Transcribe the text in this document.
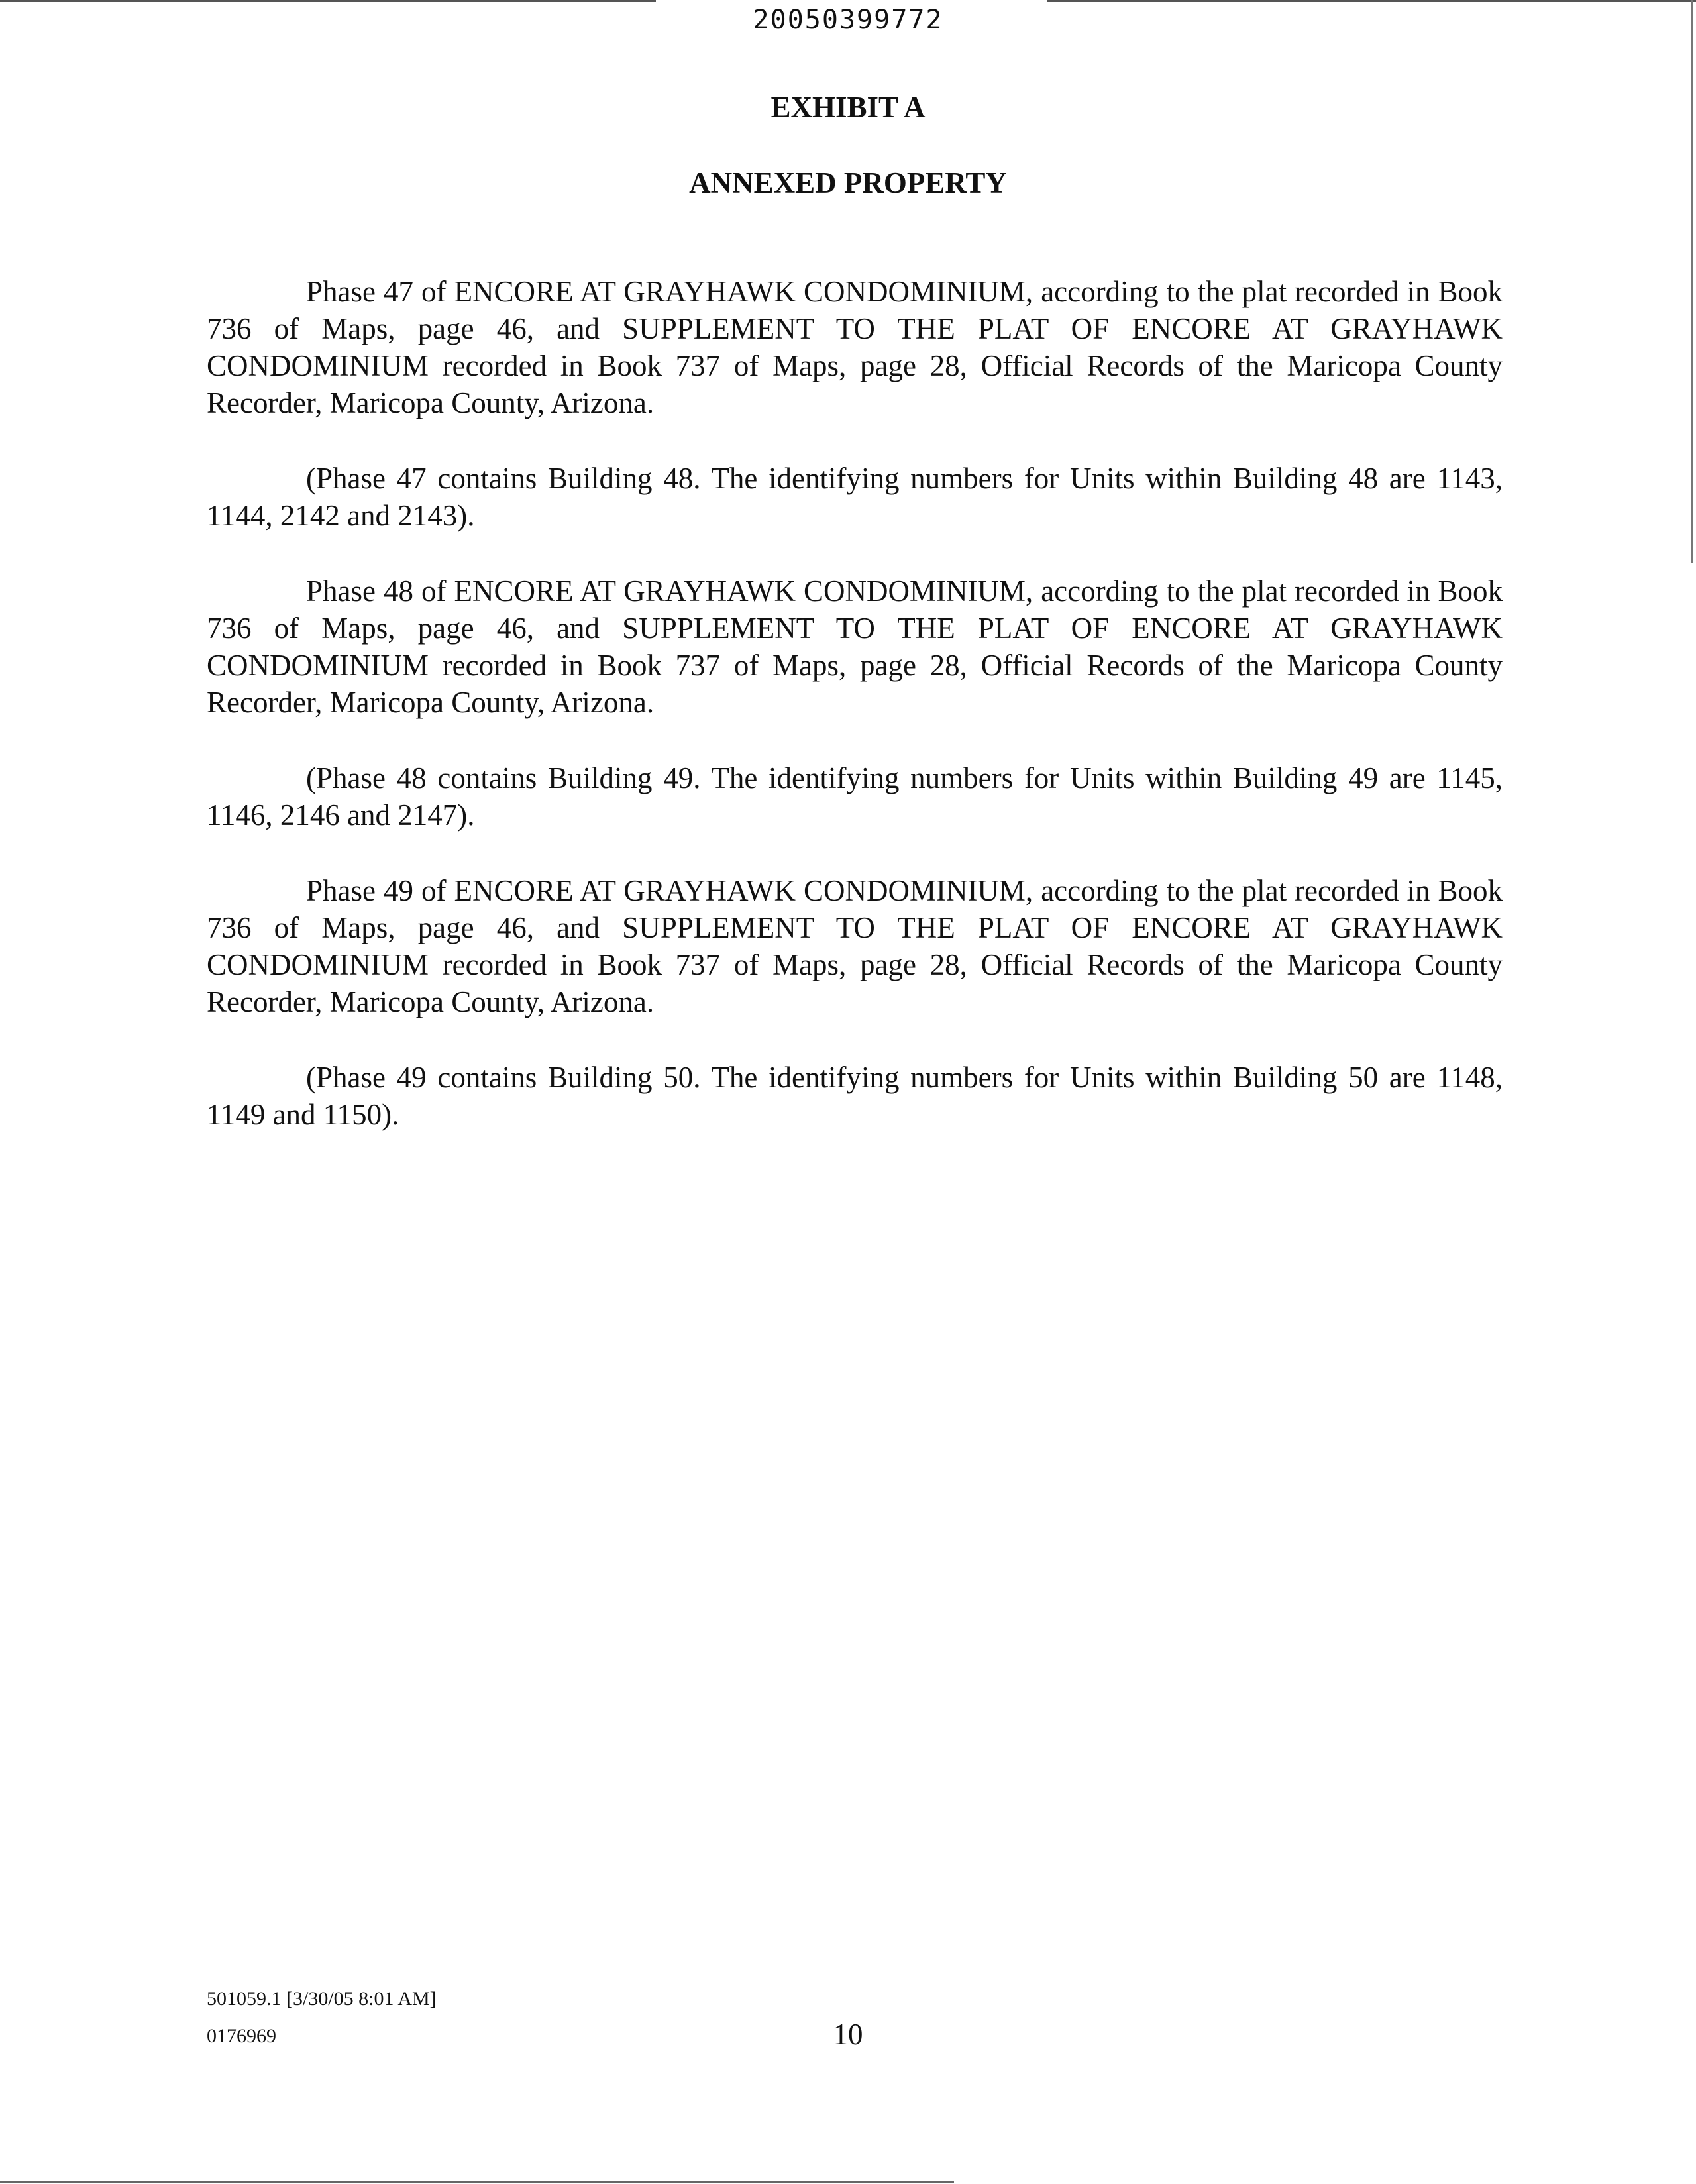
20050399772
EXHIBIT A
ANNEXED PROPERTY

Phase 47 of ENCORE AT GRAYHAWK CONDOMINIUM, according to the plat recorded in Book 736 of Maps, page 46, and SUPPLEMENT TO THE PLAT OF ENCORE AT GRAYHAWK CONDOMINIUM recorded in Book 737 of Maps, page 28, Official Records of the Maricopa County Recorder, Maricopa County, Arizona.

(Phase 47 contains Building 48. The identifying numbers for Units within Building 48 are 1143, 1144, 2142 and 2143).

Phase 48 of ENCORE AT GRAYHAWK CONDOMINIUM, according to the plat recorded in Book 736 of Maps, page 46, and SUPPLEMENT TO THE PLAT OF ENCORE AT GRAYHAWK CONDOMINIUM recorded in Book 737 of Maps, page 28, Official Records of the Maricopa County Recorder, Maricopa County, Arizona.

(Phase 48 contains Building 49. The identifying numbers for Units within Building 49 are 1145, 1146, 2146 and 2147).

Phase 49 of ENCORE AT GRAYHAWK CONDOMINIUM, according to the plat recorded in Book 736 of Maps, page 46, and SUPPLEMENT TO THE PLAT OF ENCORE AT GRAYHAWK CONDOMINIUM recorded in Book 737 of Maps, page 28, Official Records of the Maricopa County Recorder, Maricopa County, Arizona.

(Phase 49 contains Building 50. The identifying numbers for Units within Building 50 are 1148, 1149 and 1150).

501059.1 [3/30/05 8:01 AM]
0176969	10
